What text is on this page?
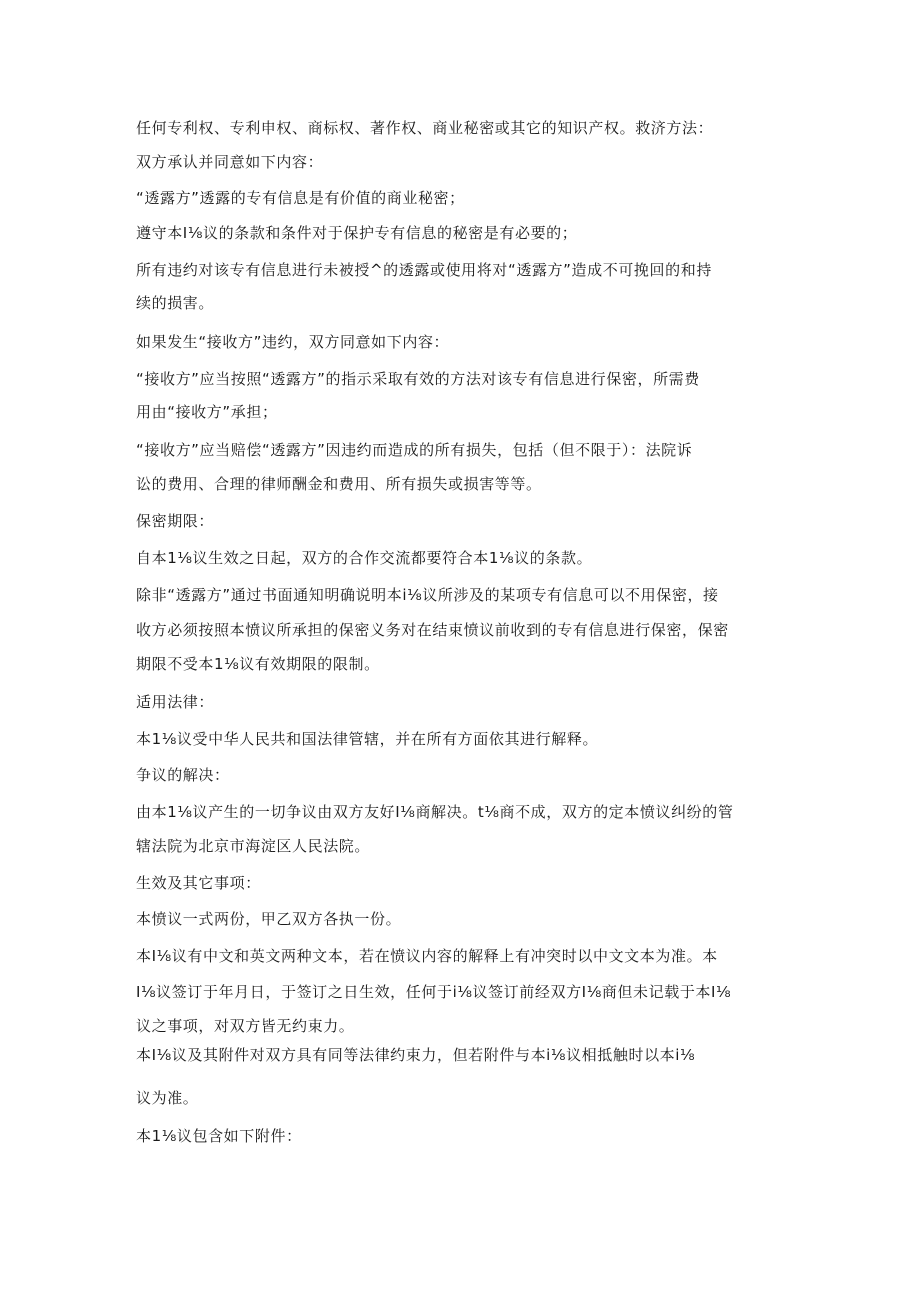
任何专利权、专利申权、商标权、著作权、商业秘密或其它的知识产权。救济方法：

双方承认并同意如下内容：

“透露方”透露的专有信息是有价值的商业秘密；

遵守本I⅛议的条款和条件对于保护专有信息的秘密是有必要的；

所有违约对该专有信息进行未被授^的透露或使用将对“透露方”造成不可挽回的和持

续的损害。

如果发生“接收方”违约，双方同意如下内容：

“接收方”应当按照“透露方”的指示采取有效的方法对该专有信息进行保密，所需费

用由“接收方”承担；

“接收方”应当赔偿“透露方”因违约而造成的所有损失，包括（但不限于）：法院诉

讼的费用、合理的律师酬金和费用、所有损失或损害等等。

保密期限：

自本1⅛议生效之日起，双方的合作交流都要符合本1⅛议的条款。

除非“透露方”通过书面通知明确说明本i⅛议所涉及的某项专有信息可以不用保密，接

收方必须按照本愤议所承担的保密义务对在结束愤议前收到的专有信息进行保密，保密

期限不受本1⅛议有效期限的限制。

适用法律：

本1⅛议受中华人民共和国法律管辖，并在所有方面依其进行解释。

争议的解决：

由本1⅛议产生的一切争议由双方友好I⅛商解决。t⅛商不成，双方的定本愤议纠纷的管

辖法院为北京市海淀区人民法院。

生效及其它事项：

本愤议一式两份，甲乙双方各执一份。

本I⅛议有中文和英文两种文本，若在愤议内容的解释上有冲突时以中文文本为准。本

I⅛议签订于年月日，于签订之日生效，任何于i⅛议签订前经双方I⅛商但未记载于本I⅛

议之事项，对双方皆无约束力。

本I⅛议及其附件对双方具有同等法律约束力，但若附件与本i⅛议相抵触时以本i⅛

议为准。

本1⅛议包含如下附件：
